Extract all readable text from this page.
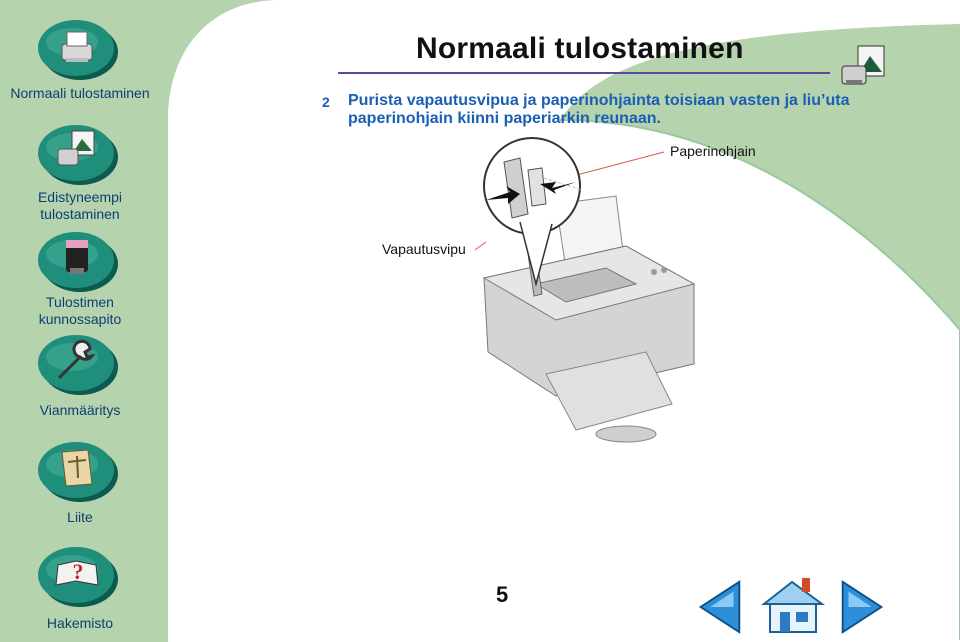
Normaali tulostaminen
Edistyneempi tulostaminen
Tulostimen kunnossapito
Vianmääritys
Liite
?
Hakemisto
Normaali tulostaminen
2 Purista vapautusvipua ja paperinohjainta toisiaan vasten ja liu’uta paperinohjain kiinni paperiarkin reunaan.
Paperinohjain
Vapautusvipu
5
